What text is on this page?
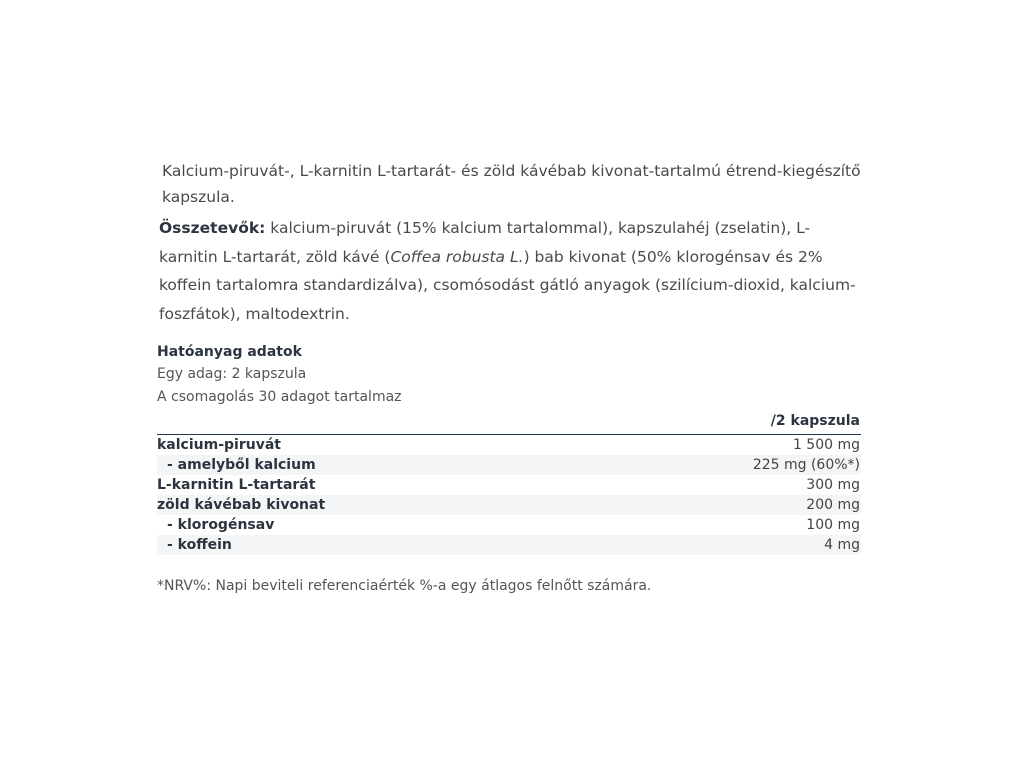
Kalcium-piruvát-, L-karnitin L-tartarát- és zöld kávébab kivonat-tartalmú étrend-kiegészítő kapszula.

Összetevők: kalcium-piruvát (15% kalcium tartalommal), kapszulahéj (zselatin), L-karnitin L-tartarát, zöld kávé (Coffea robusta L.) bab kivonat (50% klorogénsav és 2% koffein tartalomra standardizálva), csomósodást gátló anyagok (szilícium-dioxid, kalcium-foszfátok), maltodextrin.

Hatóanyag adatok

Egy adag: 2 kapszula

A csomagolás 30 adagot tartalmaz

	/2 kapszula
kalcium-piruvát	1 500 mg
- amelyből kalcium	225 mg (60%*)
L-karnitin L-tartarát	300 mg
zöld kávébab kivonat	200 mg
- klorogénsav	100 mg
- koffein	4 mg

*NRV%: Napi beviteli referenciaérték %-a egy átlagos felnőtt számára.
